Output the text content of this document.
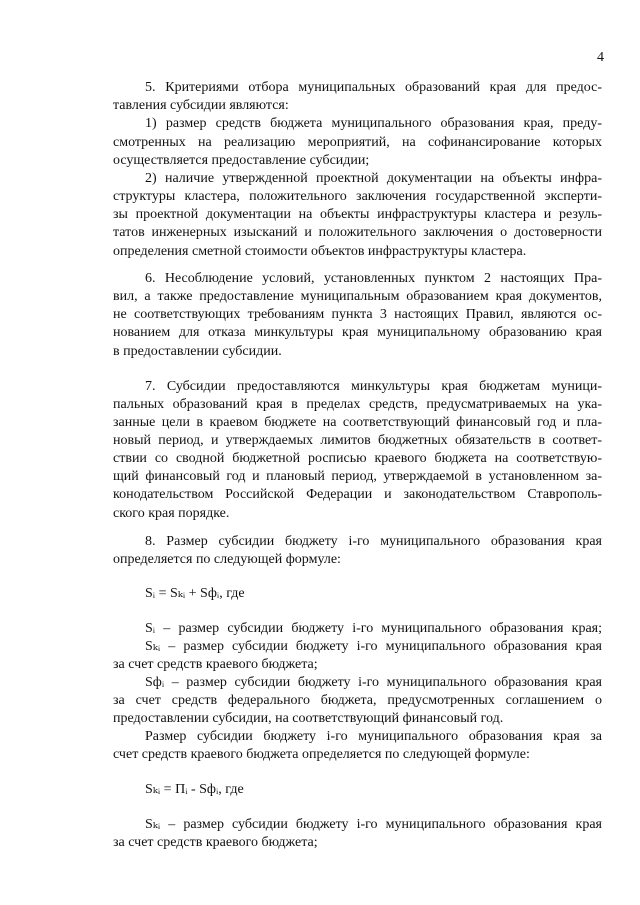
4
5. Критериями отбора муниципальных образований края для предос-
тавления субсидии являются:
1) размер средств бюджета муниципального образования края, преду-
смотренных на реализацию мероприятий, на софинансирование которых
осуществляется предоставление субсидии;
2) наличие утвержденной проектной документации на объекты инфра-
структуры кластера, положительного заключения государственной эксперти-
зы проектной документации на объекты инфраструктуры кластера и резуль-
татов инженерных изысканий и положительного заключения о достоверности
определения сметной стоимости объектов инфраструктуры кластера.
6. Несоблюдение условий, установленных пунктом 2 настоящих Пра-
вил, а также предоставление муниципальным образованием края документов,
не соответствующих требованиям пункта 3 настоящих Правил, являются ос-
нованием для отказа минкультуры края муниципальному образованию края
в предоставлении субсидии.
7. Субсидии предоставляются минкультуры края бюджетам муници-
пальных образований края в пределах средств, предусматриваемых на ука-
занные цели в краевом бюджете на соответствующий финансовый год и пла-
новый период, и утверждаемых лимитов бюджетных обязательств в соответ-
ствии со сводной бюджетной росписью краевого бюджета на соответствую-
щий финансовый год и плановый период, утверждаемой в установленном за-
конодательством Российской Федерации и законодательством Ставрополь-
ского края порядке.
8. Размер субсидии бюджету i-го муниципального образования края
определяется по следующей формуле:
Sᵢ = Sₖᵢ + Sфᵢ, где
Sᵢ – размер субсидии бюджету i-го муниципального образования края;
Sₖᵢ – размер субсидии бюджету i-го муниципального образования края
за счет средств краевого бюджета;
Sфᵢ – размер субсидии бюджету i-го муниципального образования края
за счет средств федерального бюджета, предусмотренных соглашением о
предоставлении субсидии, на соответствующий финансовый год.
Размер субсидии бюджету i-го муниципального образования края за
счет средств краевого бюджета определяется по следующей формуле:
Sₖᵢ = Пᵢ - Sфᵢ, где
Sₖᵢ – размер субсидии бюджету i-го муниципального образования края
за счет средств краевого бюджета;
